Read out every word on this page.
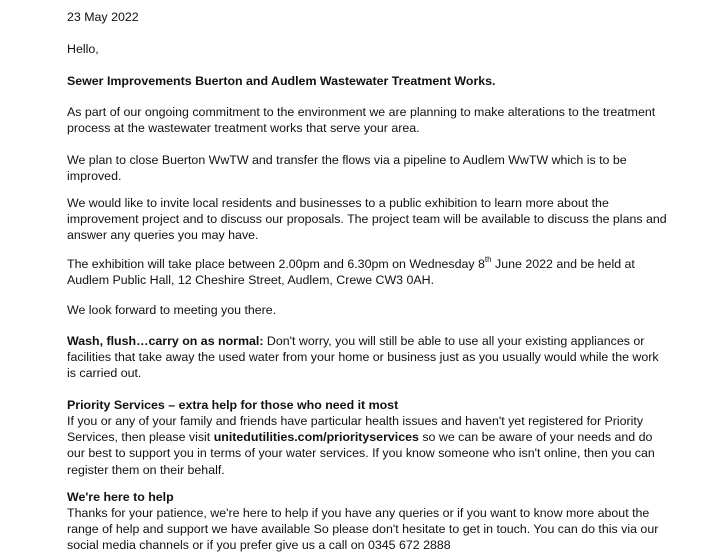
23 May 2022

Hello,

Sewer Improvements Buerton and Audlem Wastewater Treatment Works.

As part of our ongoing commitment to the environment we are planning to make alterations to the treatment process at the wastewater treatment works that serve your area.

We plan to close Buerton WwTW and transfer the flows via a pipeline to Audlem WwTW which is to be improved.

We would like to invite local residents and businesses to a public exhibition to learn more about the improvement project and to discuss our proposals. The project team will be available to discuss the plans and answer any queries you may have.

The exhibition will take place between 2.00pm and 6.30pm on Wednesday 8th June 2022 and be held at Audlem Public Hall, 12 Cheshire Street, Audlem, Crewe CW3 0AH.

We look forward to meeting you there.

Wash, flush…carry on as normal: Don't worry, you will still be able to use all your existing appliances or facilities that take away the used water from your home or business just as you usually would while the work is carried out.

Priority Services – extra help for those who need it most

If you or any of your family and friends have particular health issues and haven't yet registered for Priority Services, then please visit unitedutilities.com/priorityservices so we can be aware of your needs and do our best to support you in terms of your water services. If you know someone who isn't online, then you can register them on their behalf.

We're here to help

Thanks for your patience, we're here to help if you have any queries or if you want to know more about the range of help and support we have available So please don't hesitate to get in touch. You can do this via our social media channels or if you prefer give us a call on 0345 672 2888
